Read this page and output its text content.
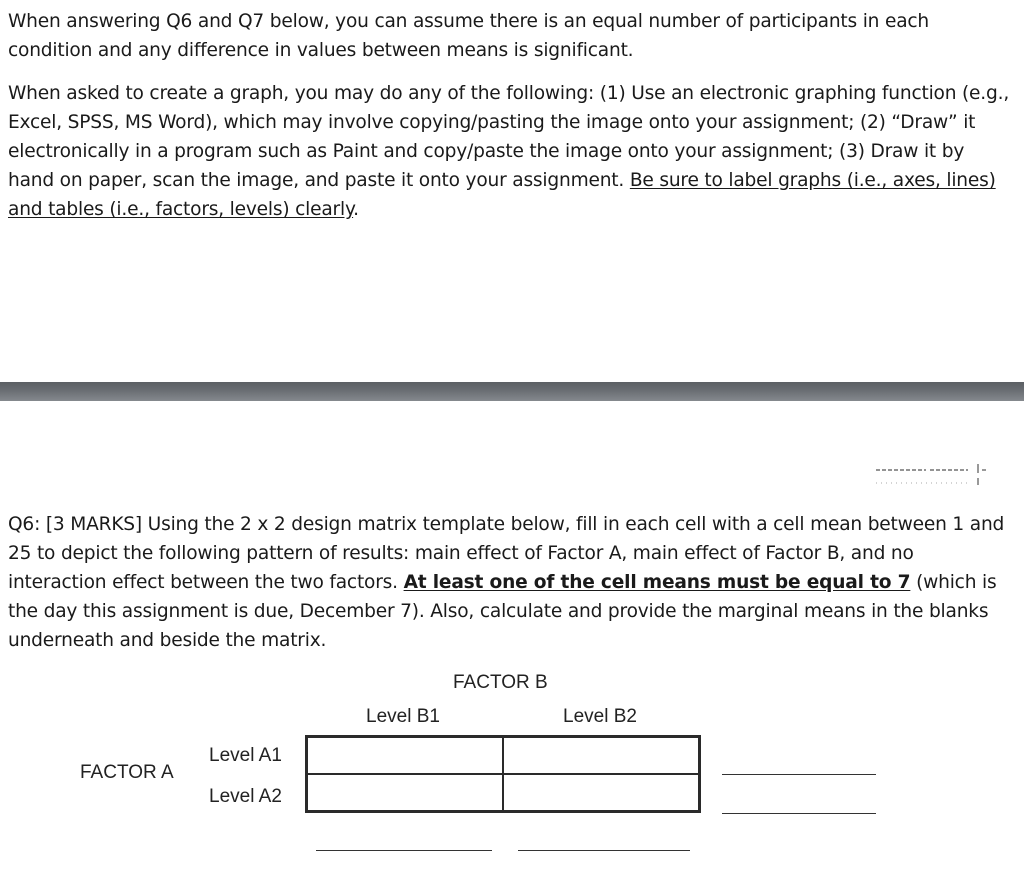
When answering Q6 and Q7 below, you can assume there is an equal number of participants in each condition and any difference in values between means is significant.

When asked to create a graph, you may do any of the following: (1) Use an electronic graphing function (e.g., Excel, SPSS, MS Word), which may involve copying/pasting the image onto your assignment; (2) “Draw” it electronically in a program such as Paint and copy/paste the image onto your assignment; (3) Draw it by hand on paper, scan the image, and paste it onto your assignment. Be sure to label graphs (i.e., axes, lines) and tables (i.e., factors, levels) clearly.

Q6: [3 MARKS] Using the 2 x 2 design matrix template below, fill in each cell with a cell mean between 1 and 25 to depict the following pattern of results: main effect of Factor A, main effect of Factor B, and no interaction effect between the two factors. At least one of the cell means must be equal to 7 (which is the day this assignment is due, December 7). Also, calculate and provide the marginal means in the blanks underneath and beside the matrix.

FACTOR B
Level B1	Level B2
FACTOR A
Level A1
Level A2
